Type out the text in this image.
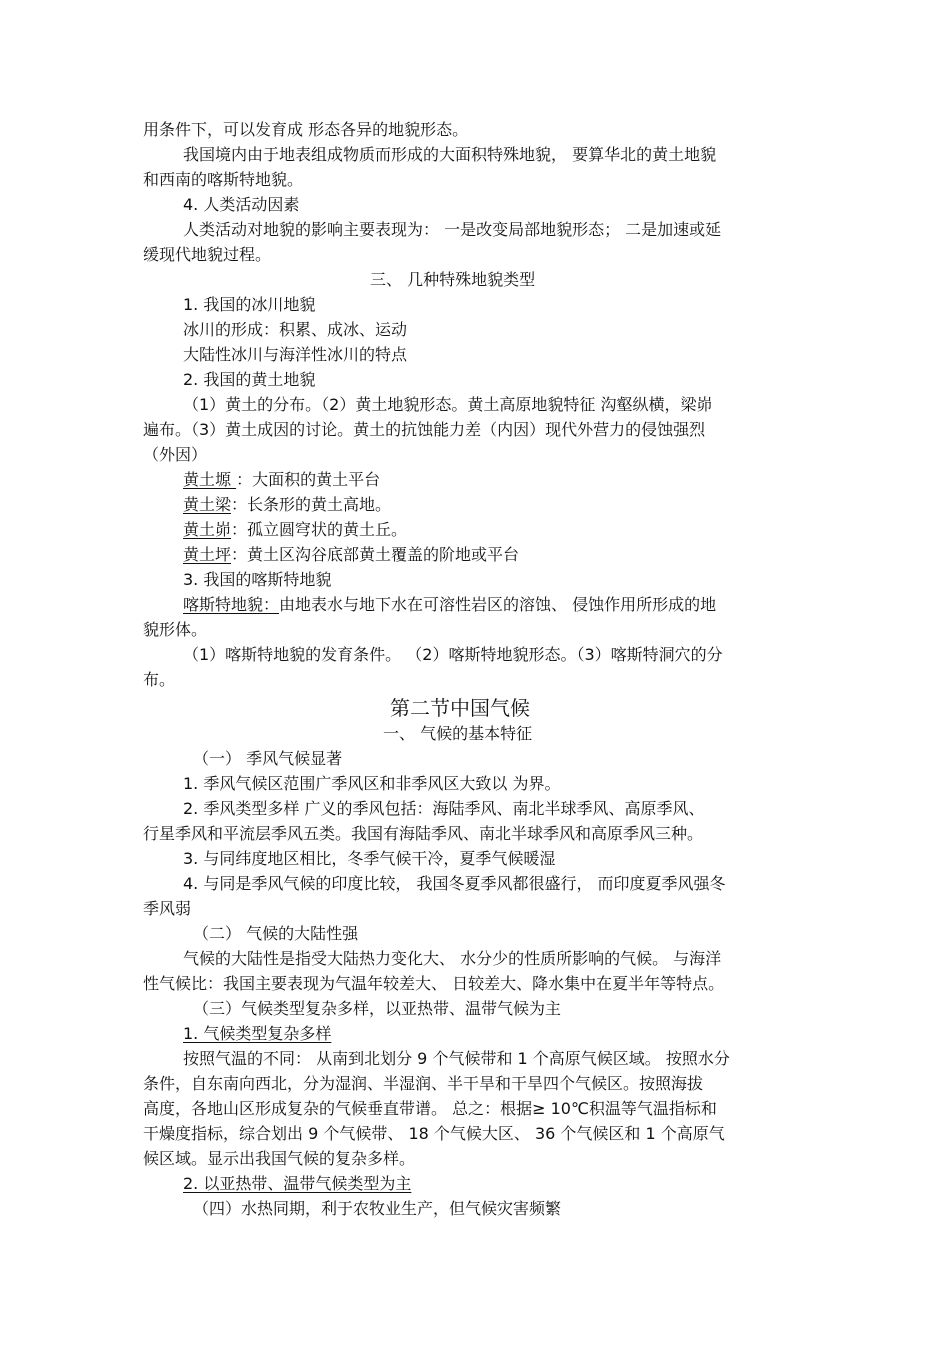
用条件下，可以发育成 形态各异的地貌形态。
我国境内由于地表组成物质而形成的大面积特殊地貌， 要算华北的黄土地貌
和西南的喀斯特地貌。
4. 人类活动因素
人类活动对地貌的影响主要表现为： 一是改变局部地貌形态； 二是加速或延
缓现代地貌过程。
三、 几种特殊地貌类型
1. 我国的冰川地貌
冰川的形成：积累、成冰、运动
大陆性冰川与海洋性冰川的特点
2. 我国的黄土地貌
（1）黄土的分布。（2）黄土地貌形态。黄土高原地貌特征 沟壑纵横，梁峁
遍布。（3）黄土成因的讨论。黄土的抗蚀能力差（内因）现代外营力的侵蚀强烈
（外因）
黄土塬 ：大面积的黄土平台
黄土梁：长条形的黄土高地。
黄土峁：孤立圆穹状的黄土丘。
黄土坪：黄土区沟谷底部黄土覆盖的阶地或平台
3. 我国的喀斯特地貌
喀斯特地貌：由地表水与地下水在可溶性岩区的溶蚀、 侵蚀作用所形成的地
貌形体。
（1）喀斯特地貌的发育条件。 （2）喀斯特地貌形态。（3）喀斯特洞穴的分
布。
第二节中国气候
一、 气候的基本特征
（一） 季风气候显著
1. 季风气候区范围广季风区和非季风区大致以 为界。
2. 季风类型多样 广义的季风包括：海陆季风、南北半球季风、高原季风、
行星季风和平流层季风五类。我国有海陆季风、南北半球季风和高原季风三种。
3. 与同纬度地区相比，冬季气候干冷，夏季气候暖湿
4. 与同是季风气候的印度比较， 我国冬夏季风都很盛行， 而印度夏季风强冬
季风弱
（二） 气候的大陆性强
气候的大陆性是指受大陆热力变化大、 水分少的性质所影响的气候。 与海洋
性气候比：我国主要表现为气温年较差大、 日较差大、降水集中在夏半年等特点。
（三）气候类型复杂多样，以亚热带、温带气候为主
1. 气候类型复杂多样
按照气温的不同： 从南到北划分 9 个气候带和 1 个高原气候区域。 按照水分
条件，自东南向西北，分为湿润、半湿润、半干旱和干旱四个气候区。按照海拔
高度，各地山区形成复杂的气候垂直带谱。 总之：根据≥ 10℃积温等气温指标和
干燥度指标，综合划出 9 个气候带、 18 个气候大区、 36 个气候区和 1 个高原气
候区域。显示出我国气候的复杂多样。
2. 以亚热带、温带气候类型为主
（四）水热同期，利于农牧业生产，但气候灾害频繁
